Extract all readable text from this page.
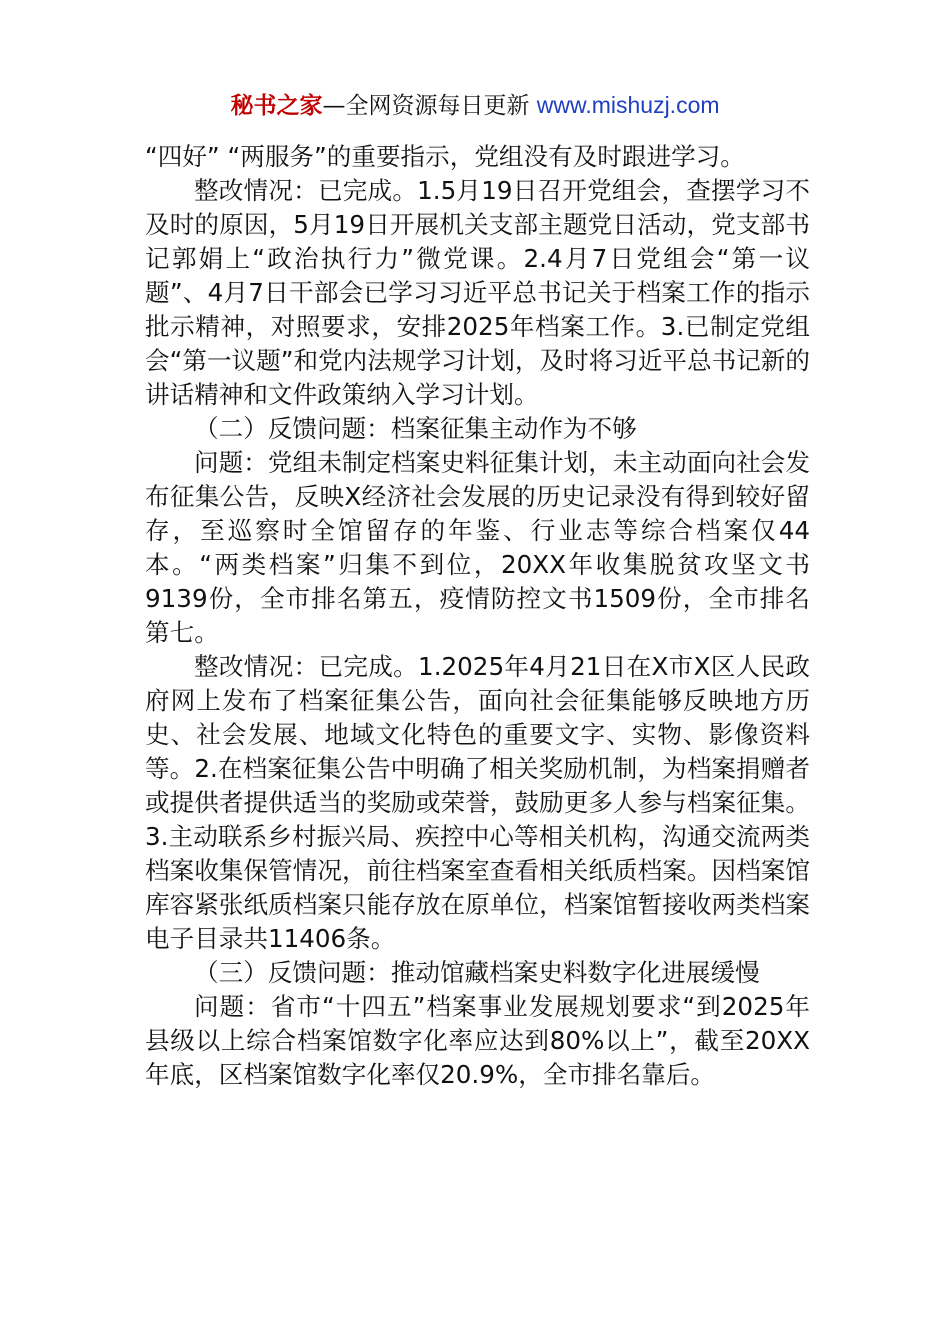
秘书之家—全网资源每日更新 www.mishuzj.com

“四好” “两服务”的重要指示，党组没有及时跟进学习。

整改情况：已完成。1.5月19日召开党组会，查摆学习不及时的原因，5月19日开展机关支部主题党日活动，党支部书记郭娟上“政治执行力”微党课。2.4月7日党组会“第一议题”、4月7日干部会已学习习近平总书记关于档案工作的指示批示精神，对照要求，安排2025年档案工作。3.已制定党组会“第一议题”和党内法规学习计划，及时将习近平总书记新的讲话精神和文件政策纳入学习计划。

（二）反馈问题：档案征集主动作为不够

问题：党组未制定档案史料征集计划，未主动面向社会发布征集公告，反映X经济社会发展的历史记录没有得到较好留存，至巡察时全馆留存的年鉴、行业志等综合档案仅44本。“两类档案”归集不到位，20XX年收集脱贫攻坚文书9139份，全市排名第五，疫情防控文书1509份，全市排名第七。

整改情况：已完成。1.2025年4月21日在X市X区人民政府网上发布了档案征集公告，面向社会征集能够反映地方历史、社会发展、地域文化特色的重要文字、实物、影像资料等。2.在档案征集公告中明确了相关奖励机制，为档案捐赠者或提供者提供适当的奖励或荣誉，鼓励更多人参与档案征集。3.主动联系乡村振兴局、疾控中心等相关机构，沟通交流两类档案收集保管情况，前往档案室查看相关纸质档案。因档案馆库容紧张纸质档案只能存放在原单位，档案馆暂接收两类档案电子目录共11406条。

（三）反馈问题：推动馆藏档案史料数字化进展缓慢

问题：省市“十四五”档案事业发展规划要求“到2025年县级以上综合档案馆数字化率应达到80%以上”，截至20XX年底，区档案馆数字化率仅20.9%，全市排名靠后。
